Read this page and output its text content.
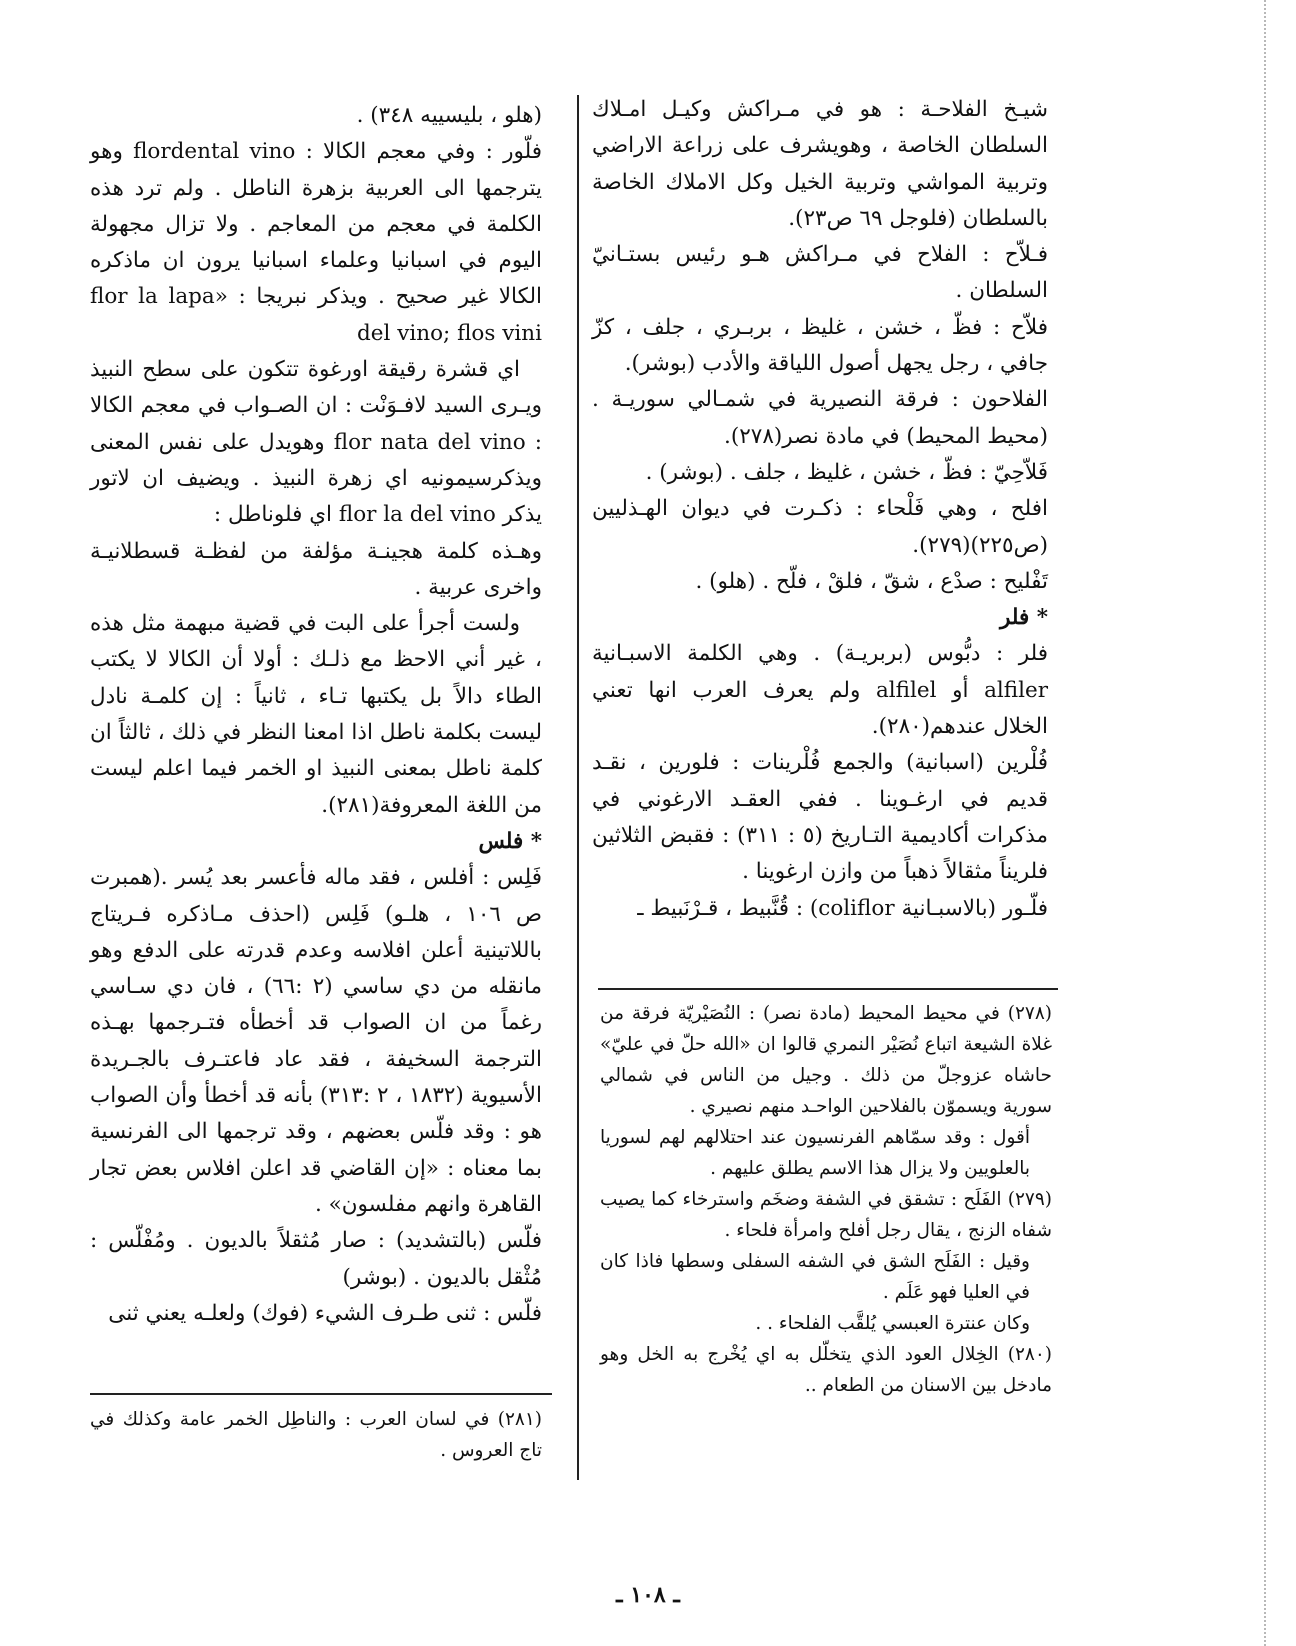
شيـخ الفلاحـة : هو في مـراكش وكيـل امـلاك السلطان الخاصة ، وهويشرف على زراعة الاراضي وتربية المواشي وتربية الخيل وكل الاملاك الخاصة بالسلطان (فلوجل ٦٩ ص٢٣).

فـلاّح : الفلاح في مـراكش هـو رئيس بستـانيّ السلطان .

فلاّح : فظّ ، خشن ، غليظ ، بربـري ، جلف ، كزّ جافي ، رجل يجهل أصول اللياقة والأدب (بوشر).

الفلاحون : فرقة النصيرية في شمـالي سوريـة . (محيط المحيط) في مادة نصر(٢٧٨).

فَلاّحِيّ : فظّ ، خشن ، غليظ ، جلف . (بوشر) .

افلح ، وهي فَلْحاء : ذكـرت في ديوان الهـذليين (ص٢٢٥)(٢٧٩).

تَفْليح : صدْع ، شقّ ، فلقْ ، فلّح . (هلو) .

* فلر

فلر : دبُّوس (بربريـة) . وهي الكلمة الاسبـانية alfiler أو alfilel ولم يعرف العرب انها تعني الخلال عندهم(٢٨٠).

فُلْرين (اسبانية) والجمع فُلْرينات : فلورين ، نقـد قديم في ارغـوينا . ففي العقـد الارغوني في مذكرات أكاديمية التـاريخ (٥ : ٣١١) : فقبض الثلاثين فلريناً مثقالاً ذهباً من وازن ارغوينا .

فلّـور (بالاسبـانية coliflor) : قُنَّبيط ، قـرْنَبيط ـ

(هلو ، بليسييه ٣٤٨) .

فلّور : وفي معجم الكالا : flordental vino وهو يترجمها الى العربية بزهرة الناطل . ولم ترد هذه الكلمة في معجم من المعاجم . ولا تزال مجهولة اليوم في اسبانيا وعلماء اسبانيا يرون ان ماذكره الكالا غير صحيح . ويذكر نبريجا : «flor la lapa del vino; flos vini

اي قشرة رقيقة اورغوة تتكون على سطح النبيذ ويـرى السيد لافـوَنْت : ان الصـواب في معجم الكالا : flor nata del vino وهويدل على نفس المعنى ويذكرسيمونيه اي زهرة النبيذ . ويضيف ان لاتور يذكر flor la del vino اي فلوناطل :

وهـذه كلمة هجينـة مؤلفة من لفظـة قسطلانيـة واخرى عربية .

ولست أجرأ على البت في قضية مبهمة مثل هذه ، غير أني الاحظ مع ذلـك : أولا أن الكالا لا يكتب الطاء دالاً بل يكتبها تـاء ، ثانياً : إن كلمـة نادل ليست بكلمة ناطل اذا امعنا النظر في ذلك ، ثالثاً ان كلمة ناطل بمعنى النبيذ او الخمر فيما اعلم ليست من اللغة المعروفة(٢٨١).

* فلس

فَلِس : أفلس ، فقد ماله فأعسر بعد يُسر .(همبرت ص ١٠٦ ، هلـو) فَلِس (احذف مـاذكره فـريتاج باللاتينية أعلن افلاسه وعدم قدرته على الدفع وهو مانقله من دي ساسي (٢ :٦٦) ، فان دي سـاسي رغماً من ان الصواب قد أخطأه فتـرجمها بهـذه الترجمة السخيفة ، فقد عاد فاعتـرف بالجـريدة الأسيوية (١٨٣٢ ، ٢ :٣١٣) بأنه قد أخطأ وأن الصواب هو : وقد فلّس بعضهم ، وقد ترجمها الى الفرنسية بما معناه : «إن القاضي قد اعلن افلاس بعض تجار القاهرة وانهم مفلسون» .

فلّس (بالتشديد) : صار مُثقلاً بالديون . ومُفْلّس : مُثْقل بالديون . (بوشر)

فلّس : ثنى طـرف الشيء (فوك) ولعلـه يعني ثنى

(٢٧٨) في محيط المحيط (مادة نصر) : النُصَيْريّة فرقة من غلاة الشيعة اتباع نُصَيْر النمري قالوا ان «الله حلّ في عليّ» حاشاه عزوجلّ من ذلك . وجيل من الناس في شمالي سورية ويسموّن بالفلاحين الواحـد منهم نصيري .

أقول : وقد سمّاهم الفرنسيون عند احتلالهم لهم لسوريا بالعلويين ولا يزال هذا الاسم يطلق عليهم .

(٢٧٩) الفَلَح : تشقق في الشفة وضخَم واسترخاء كما يصيب شفاه الزنج ، يقال رجل أفلح وامرأة فلحاء .

وقيل : الفَلَح الشق في الشفه السفلى وسطها فاذا كان في العليا فهو عَلَم .

وكان عنترة العبسي يُلقَّب الفلحاء . .

(٢٨٠) الخِلال العود الذي يتخلّل به اي يُخْرج به الخل وهو مادخل بين الاسنان من الطعام ..

(٢٨١) في لسان العرب : والناطِل الخمر عامة وكذلك في تاج العروس .

ـ ١٠٨ ـ
